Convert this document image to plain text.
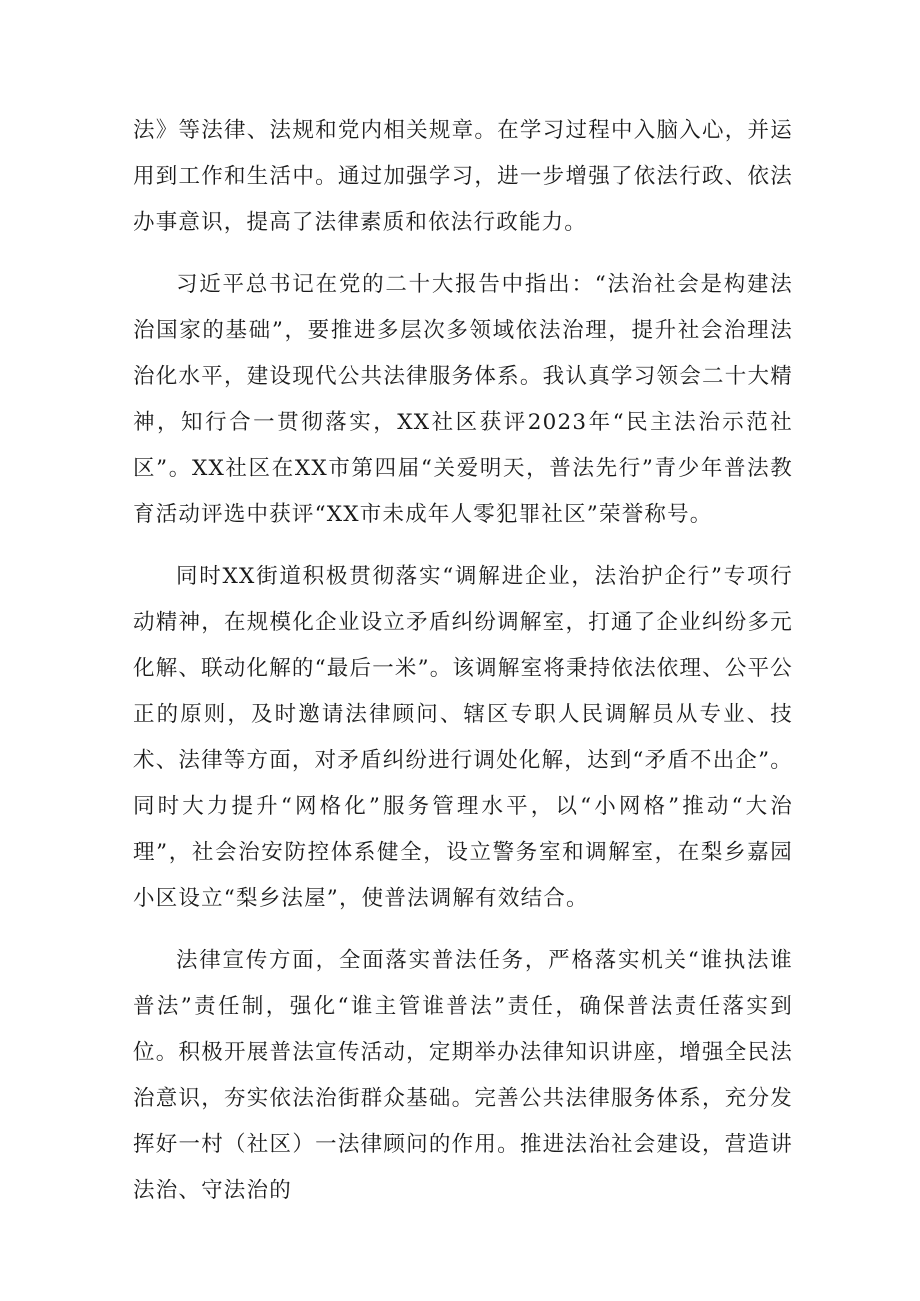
法》等法律、法规和党内相关规章。在学习过程中入脑入心，并运用到工作和生活中。通过加强学习，进一步增强了依法行政、依法办事意识，提高了法律素质和依法行政能力。

习近平总书记在党的二十大报告中指出：“法治社会是构建法治国家的基础”，要推进多层次多领域依法治理，提升社会治理法治化水平，建设现代公共法律服务体系。我认真学习领会二十大精神，知行合一贯彻落实，XX社区获评2023年“民主法治示范社区”。XX社区在XX市第四届“关爱明天，普法先行”青少年普法教育活动评选中获评“XX市未成年人零犯罪社区”荣誉称号。

同时XX街道积极贯彻落实“调解进企业，法治护企行”专项行动精神，在规模化企业设立矛盾纠纷调解室，打通了企业纠纷多元化解、联动化解的“最后一米”。该调解室将秉持依法依理、公平公正的原则，及时邀请法律顾问、辖区专职人民调解员从专业、技术、法律等方面，对矛盾纠纷进行调处化解，达到“矛盾不出企”。同时大力提升“网格化”服务管理水平，以“小网格”推动“大治理”，社会治安防控体系健全，设立警务室和调解室，在梨乡嘉园小区设立“梨乡法屋”，使普法调解有效结合。

法律宣传方面，全面落实普法任务，严格落实机关“谁执法谁普法”责任制，强化“谁主管谁普法”责任，确保普法责任落实到位。积极开展普法宣传活动，定期举办法律知识讲座，增强全民法治意识，夯实依法治街群众基础。完善公共法律服务体系，充分发挥好一村（社区）一法律顾问的作用。推进法治社会建设，营造讲法治、守法治的
